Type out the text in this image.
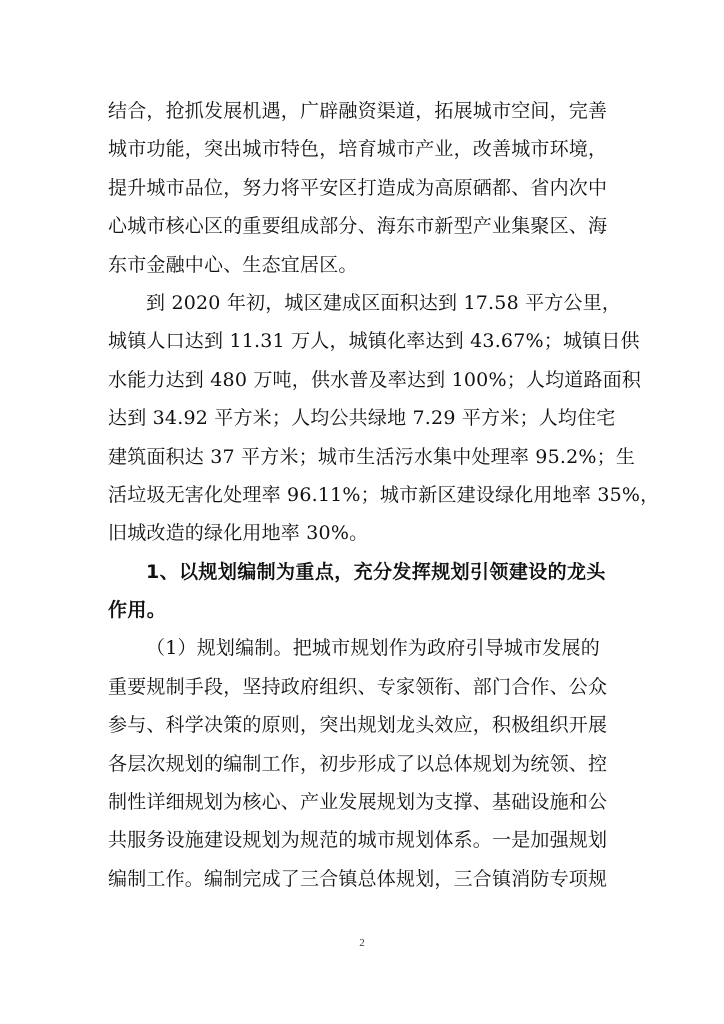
结合，抢抓发展机遇，广辟融资渠道，拓展城市空间，完善
城市功能，突出城市特色，培育城市产业，改善城市环境，
提升城市品位，努力将平安区打造成为高原硒都、省内次中
心城市核心区的重要组成部分、海东市新型产业集聚区、海
东市金融中心、生态宜居区。
到 2020 年初，城区建成区面积达到 17.58 平方公里，
城镇人口达到 11.31 万人，城镇化率达到 43.67%；城镇日供
水能力达到 480 万吨，供水普及率达到 100%；人均道路面积
达到 34.92 平方米；人均公共绿地 7.29 平方米；人均住宅
建筑面积达 37 平方米；城市生活污水集中处理率 95.2%；生
活垃圾无害化处理率 96.11%；城市新区建设绿化用地率 35%，
旧城改造的绿化用地率 30%。
1、以规划编制为重点，充分发挥规划引领建设的龙头
作用。
（1）规划编制。把城市规划作为政府引导城市发展的
重要规制手段，坚持政府组织、专家领衔、部门合作、公众
参与、科学决策的原则，突出规划龙头效应，积极组织开展
各层次规划的编制工作，初步形成了以总体规划为统领、控
制性详细规划为核心、产业发展规划为支撑、基础设施和公
共服务设施建设规划为规范的城市规划体系。一是加强规划
编制工作。编制完成了三合镇总体规划，三合镇消防专项规
2
